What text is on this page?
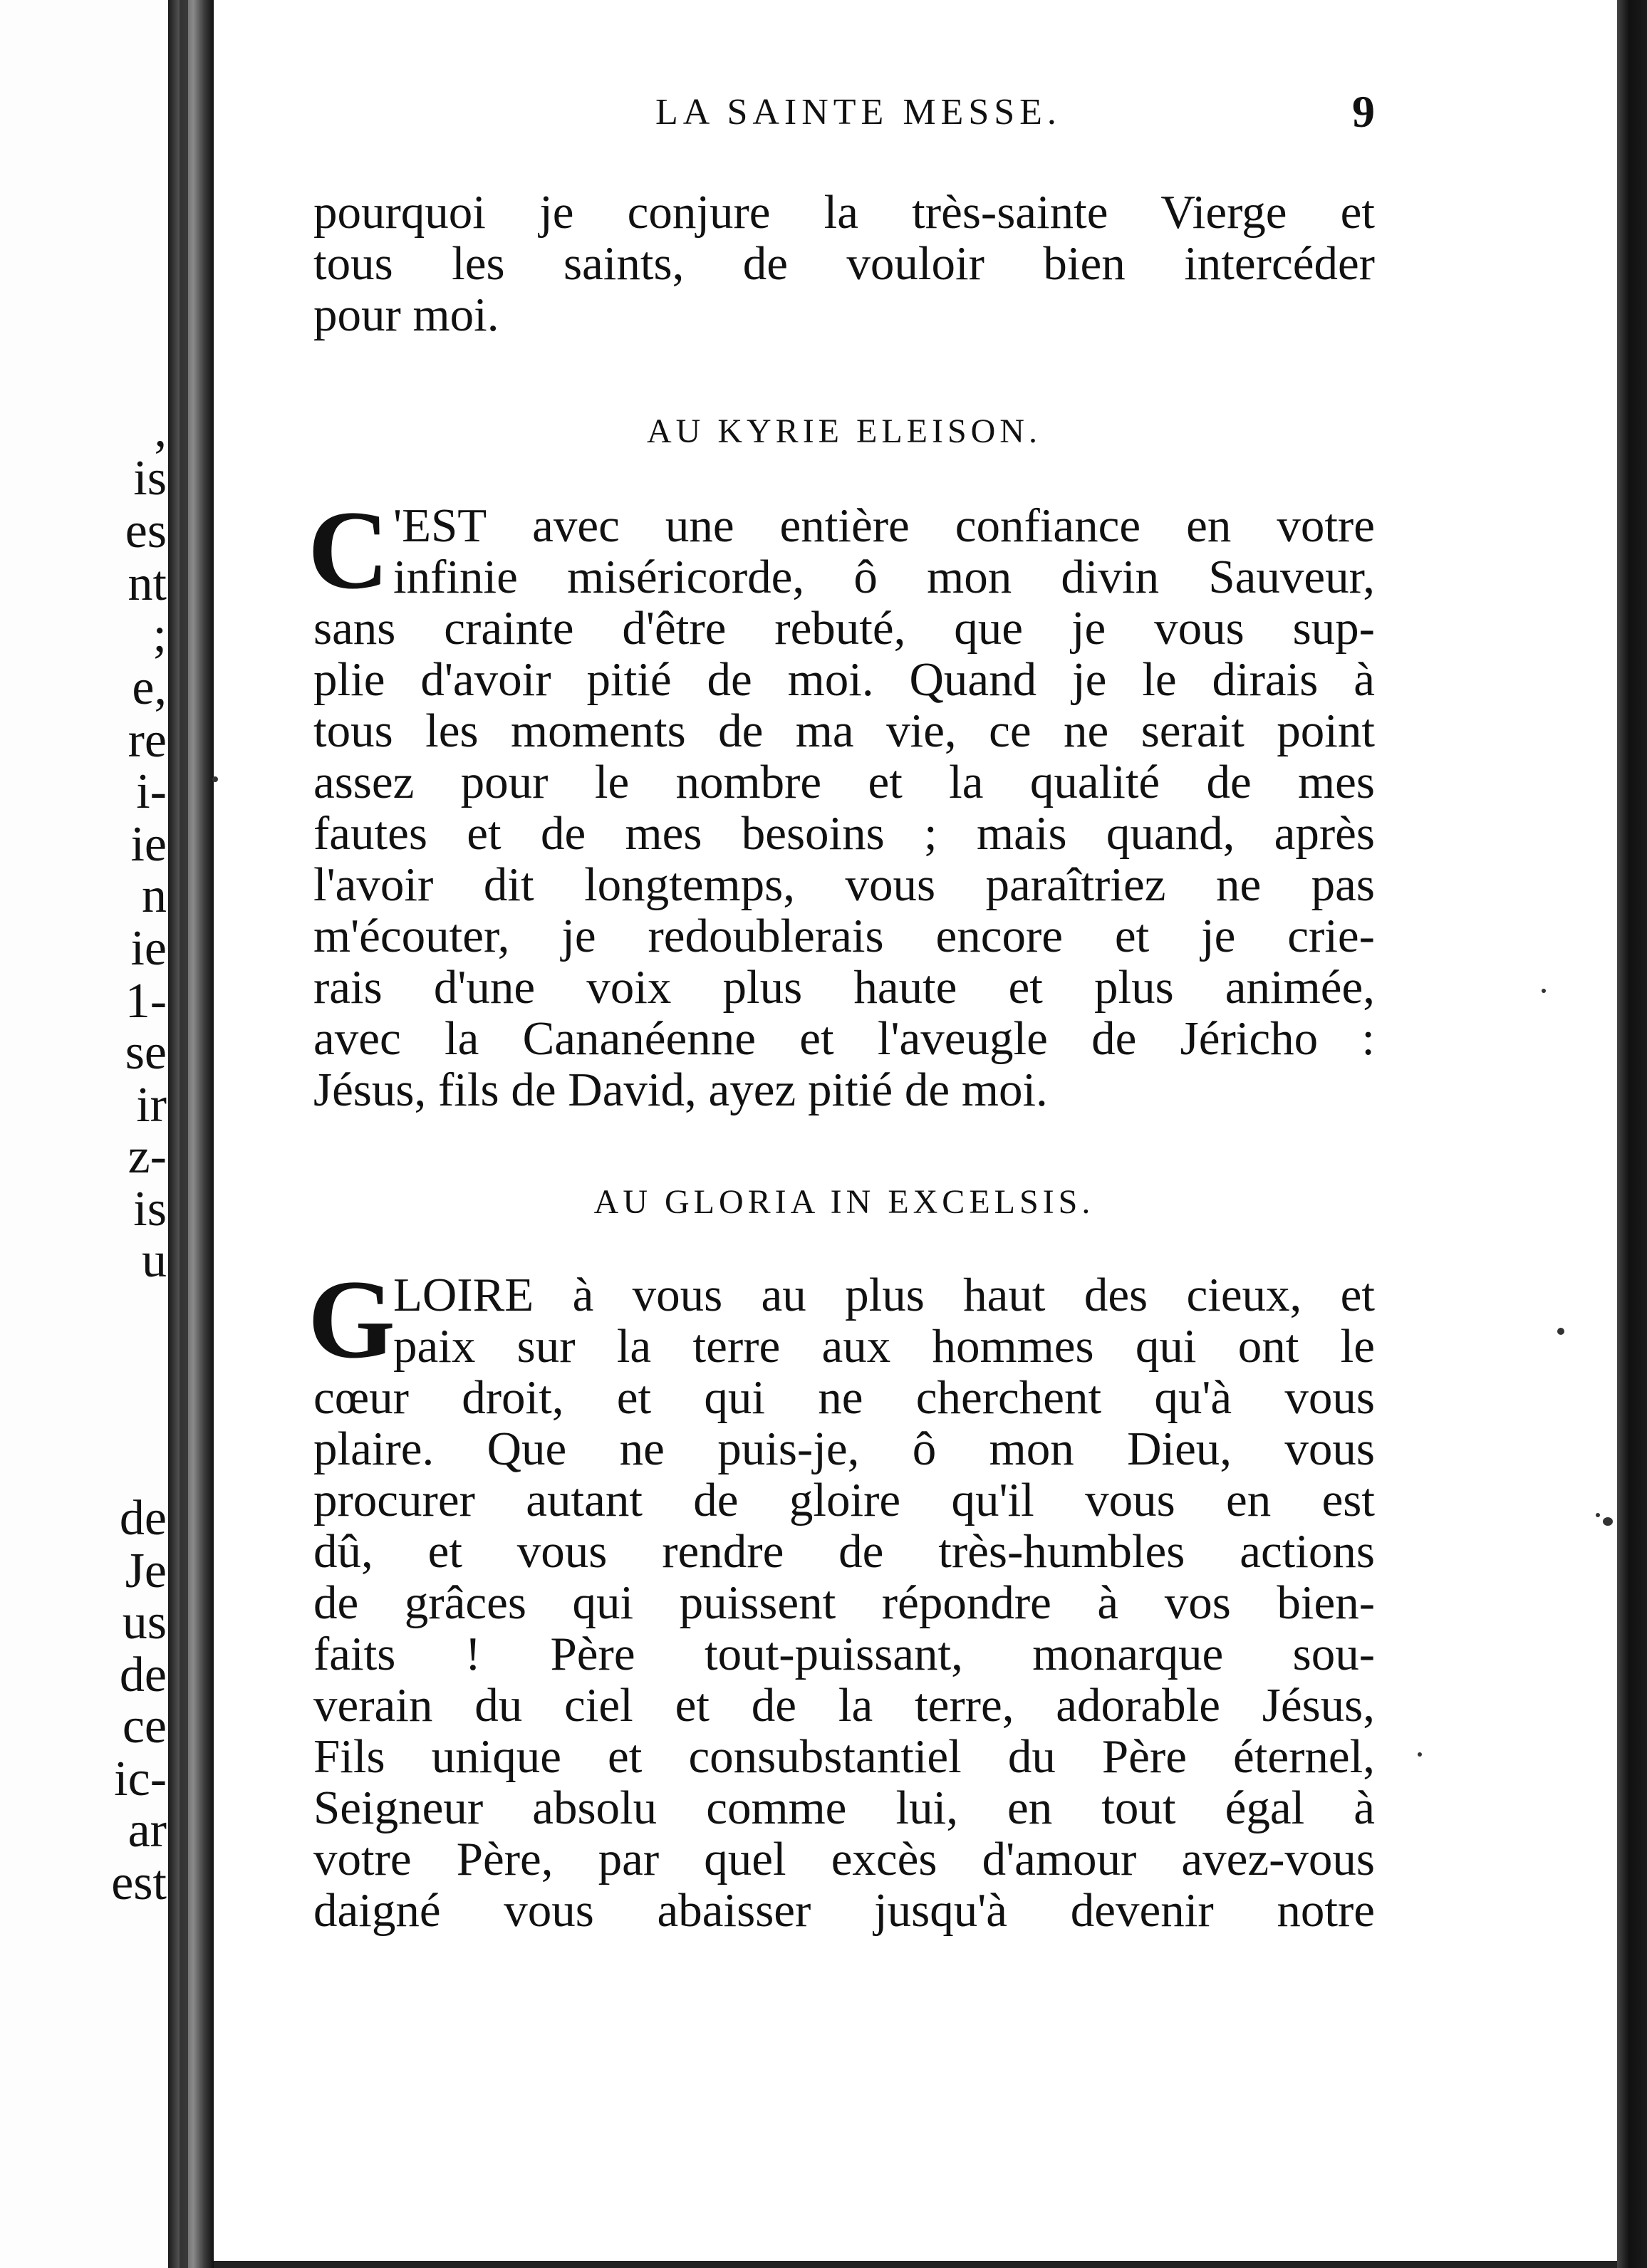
,
is
es
nt
;
e,
re
i-
ie
n
ie
1-
se
ir
z-
is
u
de
Je
us
de
ce
ic-
ar
est
LA SAINTE MESSE.	9
pourquoi je conjure la très-sainte Vierge et
tous les saints, de vouloir bien intercéder
pour moi.
AU KYRIE ELEISON.
C 'EST avec une entière confiance en votre
infinie miséricorde, ô mon divin Sauveur,
sans crainte d'être rebuté, que je vous sup-
plie d'avoir pitié de moi. Quand je le dirais à
tous les moments de ma vie, ce ne serait point
assez pour le nombre et la qualité de mes
fautes et de mes besoins ; mais quand, après
l'avoir dit longtemps, vous paraîtriez ne pas
m'écouter, je redoublerais encore et je crie-
rais d'une voix plus haute et plus animée,
avec la Cananéenne et l'aveugle de Jéricho :
Jésus, fils de David, ayez pitié de moi.
AU GLORIA IN EXCELSIS.
G
LOIRE à vous au plus haut des cieux, et
paix sur la terre aux hommes qui ont le
cœur droit, et qui ne cherchent qu'à vous
plaire. Que ne puis-je, ô mon Dieu, vous
procurer autant de gloire qu'il vous en est
dû, et vous rendre de très-humbles actions
de grâces qui puissent répondre à vos bien-
faits ! Père tout-puissant, monarque sou-
verain du ciel et de la terre, adorable Jésus,
Fils unique et consubstantiel du Père éternel,
Seigneur absolu comme lui, en tout égal à
votre Père, par quel excès d'amour avez-vous
daigné vous abaisser jusqu'à devenir notre
